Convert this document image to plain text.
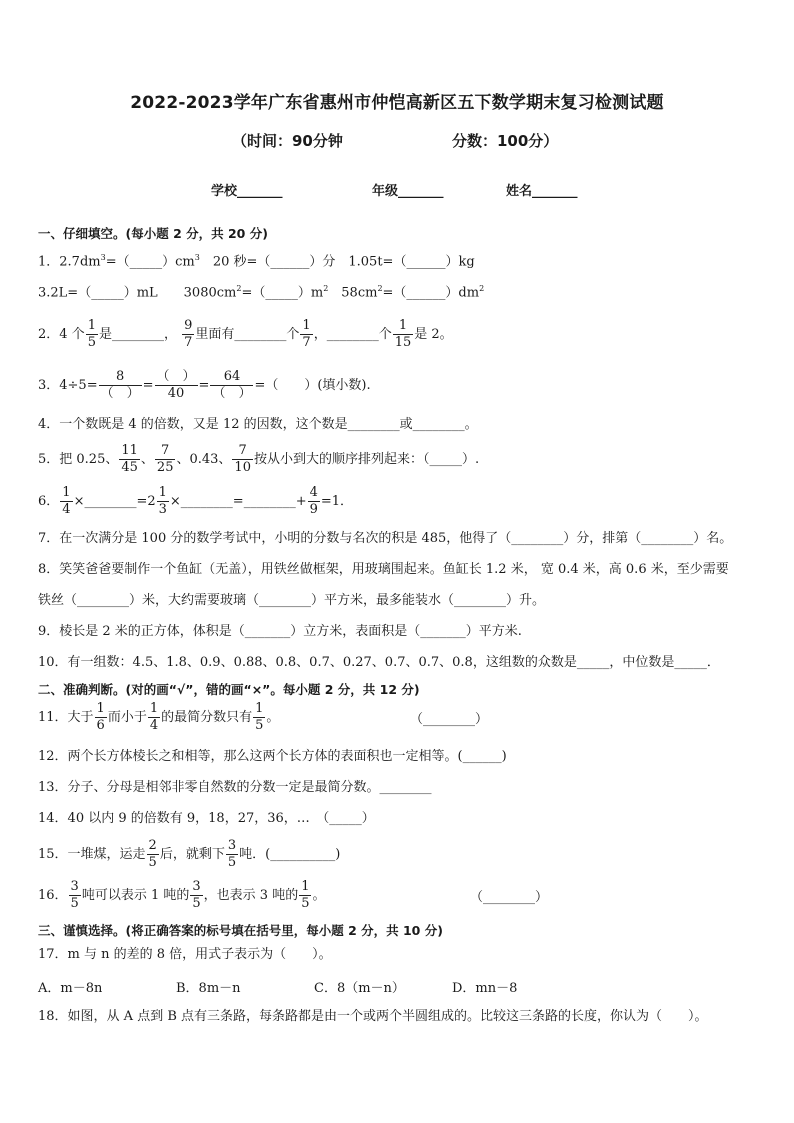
2022-2023学年广东省惠州市仲恺高新区五下数学期末复习检测试题
（时间：90分钟	分数：100分）
学校_______	年级_______	姓名_______
一、仔细填空。(每小题 2 分，共 20 分)
1．$2.7dm^3=(\_\_\_\_\_)cm^3$　20 秒=（______）分　1.05t=（______）kg
3.2L=（_____）mL　　$3080cm^2=(\_\_\_\_\_)m^2$　$58cm^2=(\_\_\_\_\_\_)dm^2$
2．4 个 $\frac{1}{5}$ 是________， $\frac{9}{7}$ 里面有________个 $\frac{1}{7}$ ，________个 $\frac{1}{15}$ 是 2。
3．$4\div 5= \frac{8}{( )} = \frac{( )}{40} = \frac{64}{( )}$ =（　　）(填小数).
4．一个数既是 4 的倍数，又是 12 的因数，这个数是________或________。
5．把 0.25、 $\frac{11}{45}$ 、 $\frac{7}{25}$ 、0.43、 $\frac{7}{10}$ 按从小到大的顺序排列起来：（_____）.
6． $\frac{1}{4}$ ×________=2 $\frac{1}{3}$ ×________=________+ $\frac{4}{9} =1$．
7．在一次满分是 100 分的数学考试中，小明的分数与名次的积是 485，他得了（________）分，排第（________）名。
8．笑笑爸爸要制作一个鱼缸（无盖），用铁丝做框架，用玻璃围起来。鱼缸长 1.2 米， 宽 0.4 米，高 0.6 米，至少需要
铁丝（________）米，大约需要玻璃（________）平方米，最多能装水（________）升。
9．棱长是 2 米的正方体，体积是（_______）立方米，表面积是（_______）平方米.
10．有一组数：4.5、1.8、0.9、0.88、0.8、0.7、0.27、0.7、0.7、0.8，这组数的众数是_____，中位数是_____．
二、准确判断。(对的画“√”，错的画“×”。每小题 2 分，共 12 分)
11．大于 $\frac{1}{6}$ 而小于 $\frac{1}{4}$ 的最简分数只有 $\frac{1}{5}$ 。	（________）
12．两个长方体棱长之和相等，那么这两个长方体的表面积也一定相等。(______)
13．分子、分母是相邻非零自然数的分数一定是最简分数。________
14．40 以内 9 的倍数有 9，18，27，36，…　（_____）
15．一堆煤，运走 $\frac{2}{5}$ 后，就剩下 $\frac{3}{5}$ 吨．(__________)
16． $\frac{3}{5}$ 吨可以表示 1 吨的 $\frac{3}{5}$ ，也表示 3 吨的 $\frac{1}{5}$ 。	（________）
三、谨慎选择。(将正确答案的标号填在括号里，每小题 2 分，共 10 分)
17．m 与 n 的差的 8 倍，用式子表示为（　　）。
A．m－8n	B．8m－n	C．8（m－n）	D．mn－8
18．如图，从 A 点到 B 点有三条路，每条路都是由一个或两个半圆组成的。比较这三条路的长度，你认为（　　）。
